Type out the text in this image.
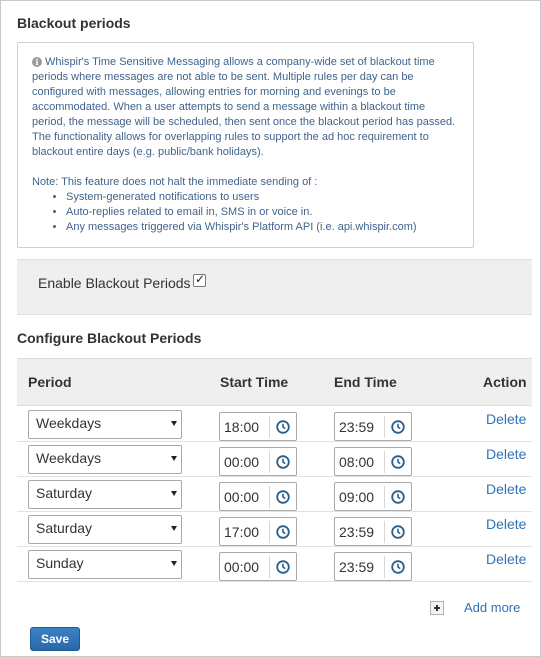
Blackout periods

i Whispir's Time Sensitive Messaging allows a company-wide set of blackout time periods where messages are not able to be sent. Multiple rules per day can be configured with messages, allowing entries for morning and evenings to be accommodated. When a user attempts to send a message within a blackout time period, the message will be scheduled, then sent once the blackout period has passed. The functionality allows for overlapping rules to support the ad hoc requirement to blackout entire days (e.g. public/bank holidays).

Note: This feature does not halt the immediate sending of :

• System-generated notifications to users
• Auto-replies related to email in, SMS in or voice in.
• Any messages triggered via Whispir's Platform API (i.e. api.whispir.com)
Enable Blackout Periods ✓
Configure Blackout Periods
Period	Start Time	End Time	Action
Weekdays	18:00	23:59	Delete
Weekdays	00:00	08:00	Delete
Saturday	00:00	09:00	Delete
Saturday	17:00	23:59	Delete
Sunday	00:00	23:59	Delete
Add more
Save
